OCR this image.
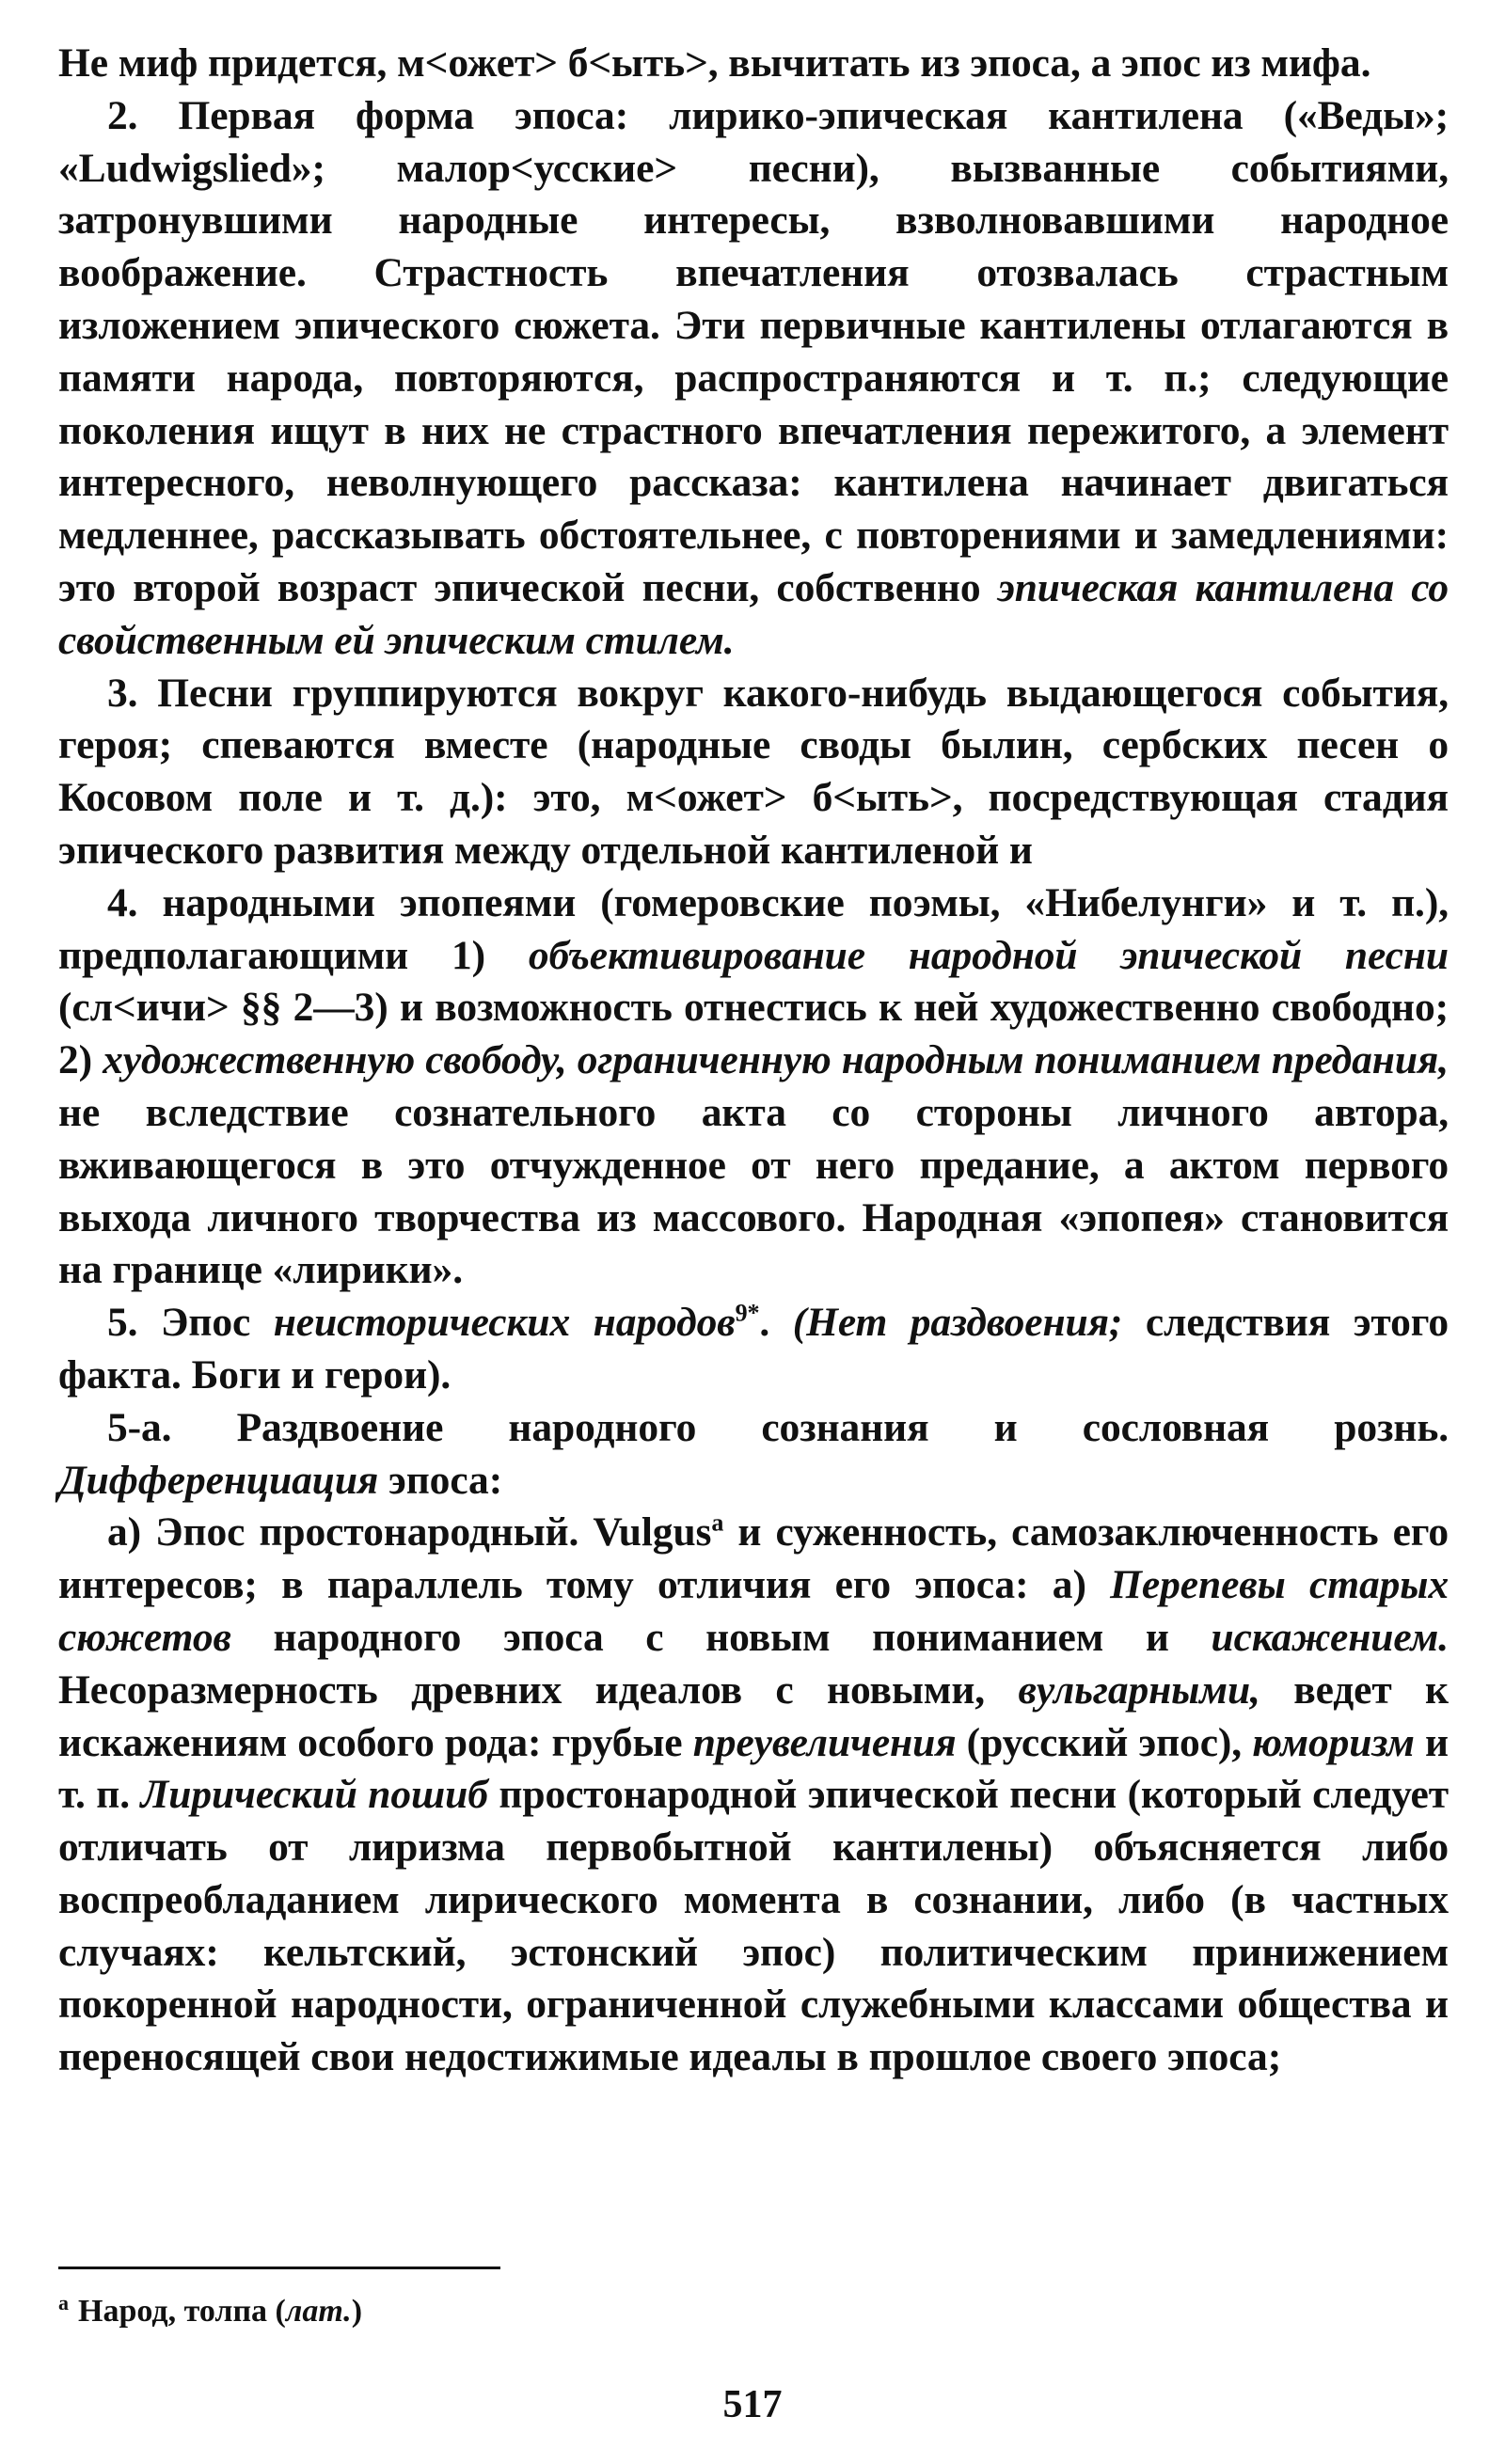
Не миф придется, м<ожет> б<ыть>, вычитать из эпоса, а эпос из мифа.

2. Первая форма эпоса: лирико-эпическая кантилена («Веды»; «Ludwigslied»; малор<усские> песни), вызванные событиями, затронувшими народные интересы, взволновавшими народное воображение. Страстность впечатления отозвалась страстным изложением эпического сюжета. Эти первичные кантилены отлагаются в памяти народа, повторяются, распространяются и т. п.; следующие поколения ищут в них не страстного впечатления пережитого, а элемент интересного, неволнующего рассказа: кантилена начинает двигаться медленнее, рассказывать обстоятельнее, с повторениями и замедлениями: это второй возраст эпической песни, собственно эпическая кантилена со свойственным ей эпическим стилем.

3. Песни группируются вокруг какого-нибудь выдающегося события, героя; спеваются вместе (народные своды былин, сербских песен о Косовом поле и т. д.): это, м<ожет> б<ыть>, посредствующая стадия эпического развития между отдельной кантиленой и

4. народными эпопеями (гомеровские поэмы, «Нибелунги» и т. п.), предполагающими 1) объективирование народной эпической песни (сл<ичи> §§ 2—3) и возможность отнестись к ней художественно свободно; 2) художественную свободу, ограниченную народным пониманием предания, не вследствие сознательного акта со стороны личного автора, вживающегося в это отчужденное от него предание, а актом первого выхода личного творчества из массового. Народная «эпопея» становится на границе «лирики».

5. Эпос неисторических народов$^{9*}$. (Нет раздвоения; следствия этого факта. Боги и герои).

5-а. Раздвоение народного сознания и сословная рознь. Дифференциация эпоса:

а) Эпос простонародный. Vulgus$^a$ и суженность, самозаключенность его интересов; в параллель тому отличия его эпоса: а) Перепевы старых сюжетов народного эпоса с новым пониманием и искажением. Несоразмерность древних идеалов с новыми, вульгарными, ведет к искажениям особого рода: грубые преувеличения (русский эпос), юморизм и т. п. Лирический пошиб простонародной эпической песни (который следует отличать от лиризма первобытной кантилены) объясняется либо воспреобладанием лирического момента в сознании, либо (в частных случаях: кельтский, эстонский эпос) политическим принижением покоренной народности, ограниченной служебными классами общества и переносящей свои недостижимые идеалы в прошлое своего эпоса;

$^a$ Народ, толпа (лат.)
517
